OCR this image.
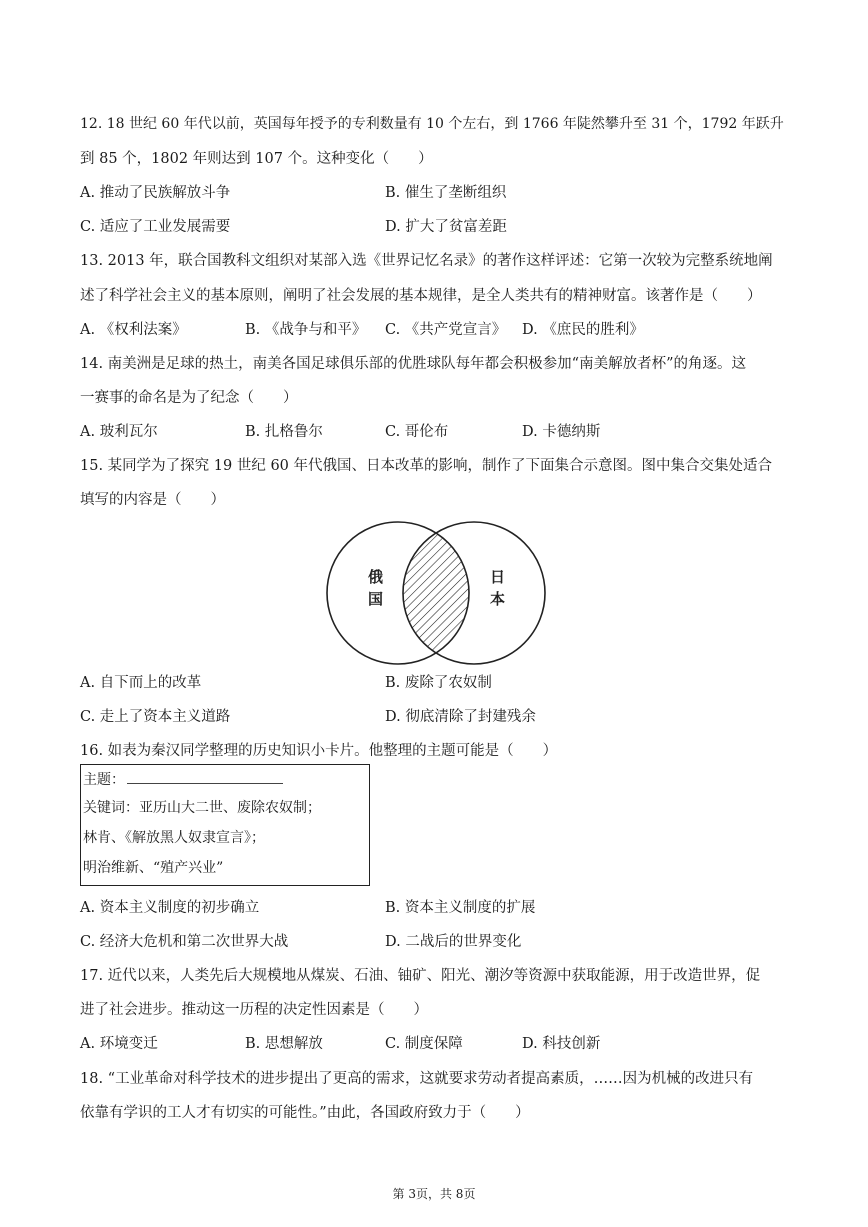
12. 18 世纪 60 年代以前，英国每年授予的专利数量有 10 个左右，到 1766 年陡然攀升至 31 个，1792 年跃升
到 85 个，1802 年则达到 107 个。这种变化（　　）
A. 推动了民族解放斗争	B. 催生了垄断组织
C. 适应了工业发展需要	D. 扩大了贫富差距
13. 2013 年，联合国教科文组织对某部入选《世界记忆名录》的著作这样评述：它第一次较为完整系统地阐
述了科学社会主义的基本原则，阐明了社会发展的基本规律，是全人类共有的精神财富。该著作是（　　）
A. 《权利法案》	B. 《战争与和平》 C. 《共产党宣言》 D. 《庶民的胜利》
14. 南美洲是足球的热土，南美各国足球俱乐部的优胜球队每年都会积极参加“南美解放者杯”的角逐。这
一赛事的命名是为了纪念（　　）
A. 玻利瓦尔	B. 扎格鲁尔	C. 哥伦布	D. 卡德纳斯
15. 某同学为了探究 19 世纪 60 年代俄国、日本改革的影响，制作了下面集合示意图。图中集合交集处适合
填写的内容是（　　）
俄
国
日
本
A. 自下而上的改革	B. 废除了农奴制
C. 走上了资本主义道路	D. 彻底清除了封建残余
16. 如表为秦汉同学整理的历史知识小卡片。他整理的主题可能是（　　）
主题：
关键词：亚历山大二世、废除农奴制；
林肯、《解放黑人奴隶宣言》；
明治维新、“殖产兴业”
A. 资本主义制度的初步确立	B. 资本主义制度的扩展
C. 经济大危机和第二次世界大战	D. 二战后的世界变化
17. 近代以来，人类先后大规模地从煤炭、石油、铀矿、阳光、潮汐等资源中获取能源，用于改造世界，促
进了社会进步。推动这一历程的决定性因素是（　　）
A. 环境变迁	B. 思想解放	C. 制度保障	D. 科技创新
18. “工业革命对科学技术的进步提出了更高的需求，这就要求劳动者提高素质，……因为机械的改进只有
依靠有学识的工人才有切实的可能性。”由此，各国政府致力于（　　）
第 3页，共 8页
